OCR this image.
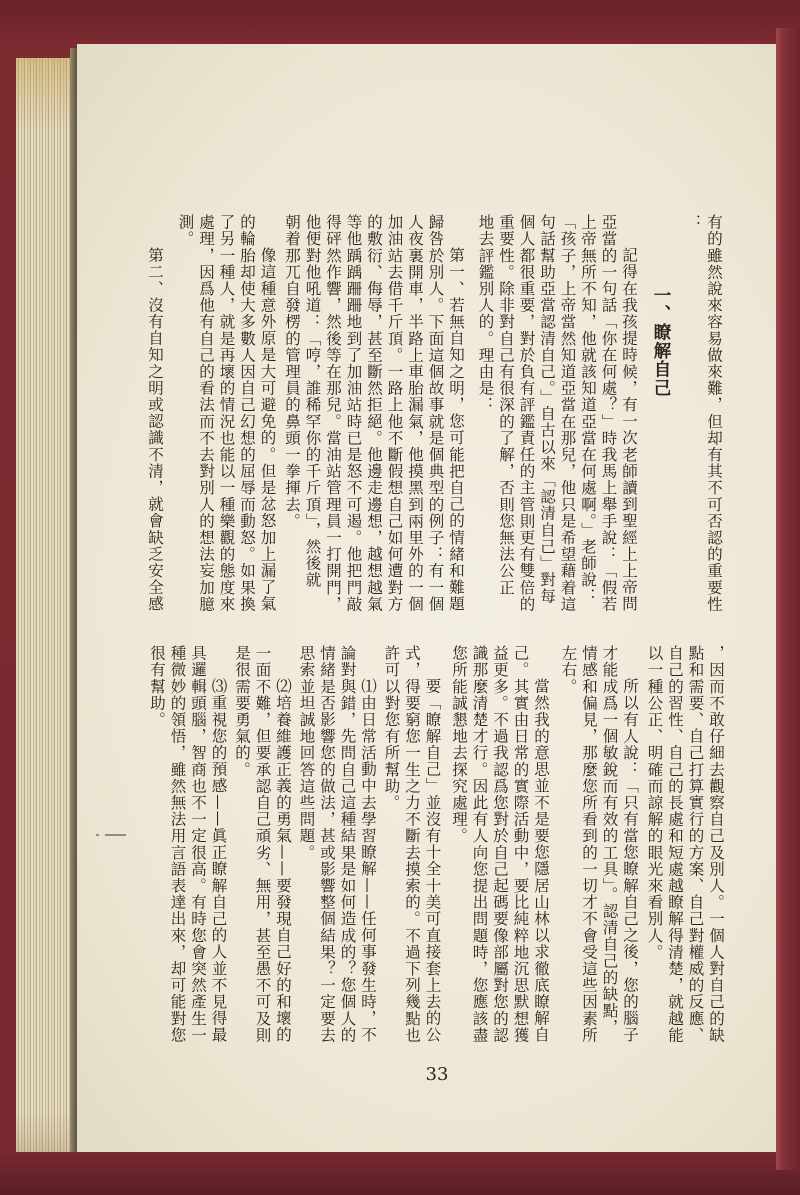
有的雖然說來容易做來難，但却有其不可否認的重要性
：
一、瞭解自己
記得在我孩提時候，有一次老師讀到聖經上上帝問
亞當的一句話「你在何處？」時我馬上舉手說：「假若
上帝無所不知，他就該知道亞當在何處啊。」老師說：
「孩子，上帝當然知道亞當在那兒，他只是希望藉着這
句話幫助亞當認清自己。」自古以來「認清自己」對每
個人都很重要，對於負有評鑑責任的主管則更有雙倍的
重要性。除非對自己有很深的了解，否則您無法公正
地去評鑑別人的。理由是：
第一、若無自知之明，您可能把自己的情緒和難題
歸咎於別人。下面這個故事就是個典型的例子：有一個
人夜裏開車，半路上車胎漏氣，他摸黑到兩里外的一個
加油站去借千斤頂。一路上他不斷假想自己如何遭對方
的敷衍、侮辱，甚至斷然拒絕。他邊走邊想，越想越氣
等他踽踽跚跚地到了加油站時已是怒不可遏。他把門敲
得砰然作響，然後等在那兒。當油站管理員一打開門，
他便對他吼道：「哼，誰稀罕你的千斤頂」，然後就
朝着那兀自發楞的管理員的鼻頭一拳揮去。
像這種意外原是大可避免的。但是忿怒加上漏了氣
的輪胎却使大多數人因自己幻想的屈辱而動怒。如果換
了另一種人，就是再壞的情況也能以一種樂觀的態度來
處理，因爲他有自己的看法而不去對別人的想法妄加臆
測。
第二、沒有自知之明或認識不清，就會缺乏安全感
，因而不敢仔細去觀察自己及別人。一個人對自己的缺
點和需要、自己打算實行的方案、自己對權威的反應、
自己的習性、自己的長處和短處越瞭解得清楚，就越能
以一種公正、明確而諒解的眼光來看別人。
所以有人說：「只有當您瞭解自己之後，您的腦子
才能成爲一個敏銳而有效的工具」。認清自己的缺點，
情感和偏見，那麼您所看到的一切才不會受這些因素所
左右。
當然我的意思並不是要您隱居山林以求徹底瞭解自
己。其實由日常的實際活動中，要比純粹地沉思默想獲
益更多。不過我認爲您對於自己起碼要像部屬對您的認
識那麼清楚才行。因此有人向您提出問題時，您應該盡
您所能誠懇地去探究處理。
要「瞭解自己」並沒有十全十美可直接套上去的公
式，得要窮您一生之力不斷去摸索的。不過下列幾點也
許可以對您有所幫助。
⑴由日常活動中去學習瞭解——任何事發生時，不
論對與錯，先問自己這種結果是如何造成的？您個人的
情緒是否影響您的做法，甚或影響整個結果？一定要去
思索並坦誠地回答這些問題。
⑵培養維護正義的勇氣——要發現自己好的和壞的
一面不難，但要承認自己頑劣、無用，甚至愚不可及則
是很需要勇氣的。
⑶重視您的預感——眞正瞭解自己的人並不見得最
具邏輯頭腦，智商也不一定很高。有時您會突然產生一
種微妙的領悟，雖然無法用言語表達出來，却可能對您
很有幫助。
33
